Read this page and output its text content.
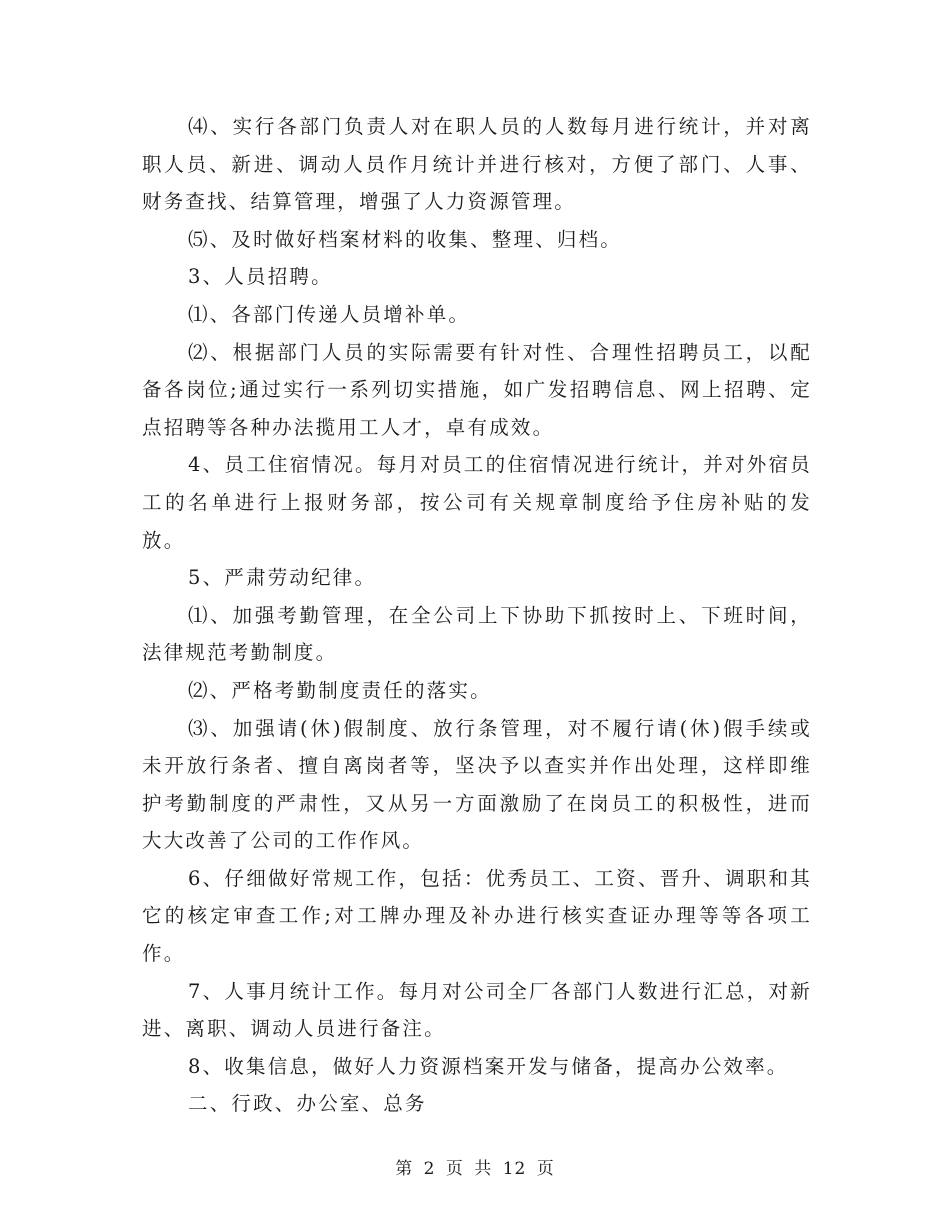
⑷、实行各部门负责人对在职人员的人数每月进行统计，并对离职人员、新进、调动人员作月统计并进行核对，方便了部门、人事、财务查找、结算管理，增强了人力资源管理。

⑸、及时做好档案材料的收集、整理、归档。

3、人员招聘。

⑴、各部门传递人员增补单。

⑵、根据部门人员的实际需要有针对性、合理性招聘员工，以配备各岗位;通过实行一系列切实措施，如广发招聘信息、网上招聘、定点招聘等各种办法揽用工人才，卓有成效。

4、员工住宿情况。每月对员工的住宿情况进行统计，并对外宿员工的名单进行上报财务部，按公司有关规章制度给予住房补贴的发放。

5、严肃劳动纪律。

⑴、加强考勤管理，在全公司上下协助下抓按时上、下班时间，法律规范考勤制度。

⑵、严格考勤制度责任的落实。

⑶、加强请(休)假制度、放行条管理，对不履行请(休)假手续或未开放行条者、擅自离岗者等，坚决予以查实并作出处理，这样即维护考勤制度的严肃性，又从另一方面激励了在岗员工的积极性，进而大大改善了公司的工作作风。

6、仔细做好常规工作，包括：优秀员工、工资、晋升、调职和其它的核定审查工作;对工牌办理及补办进行核实查证办理等等各项工作。

7、人事月统计工作。每月对公司全厂各部门人数进行汇总，对新进、离职、调动人员进行备注。

8、收集信息，做好人力资源档案开发与储备，提高办公效率。

二、行政、办公室、总务

第 2 页 共 12 页
